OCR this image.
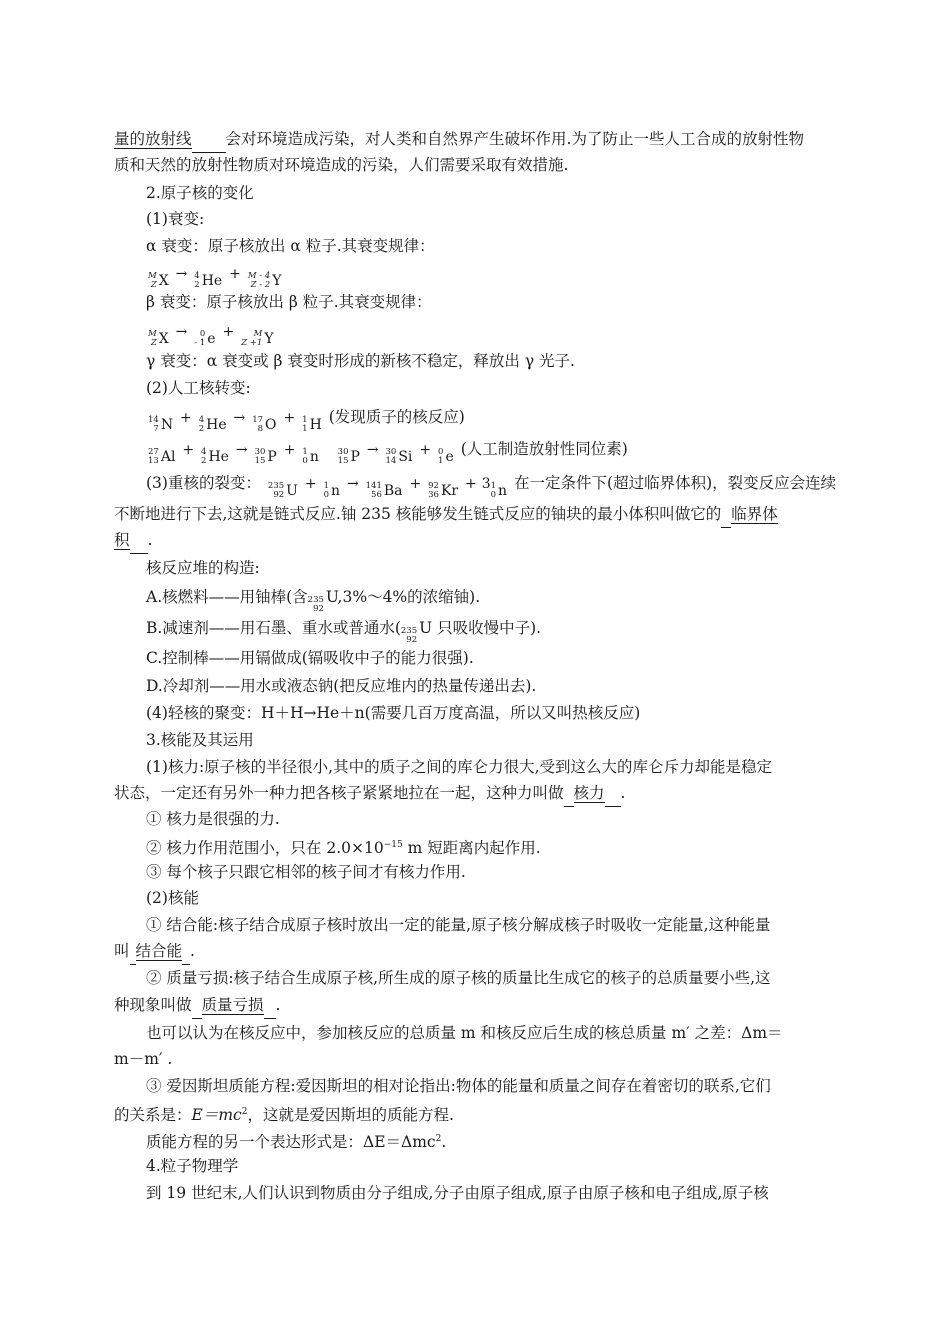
量的放射线 会对环境造成污染，对人类和自然界产生破坏作用.为了防止一些人工合成的放射性物
质和天然的放射性物质对环境造成的污染，人们需要采取有效措施.
2.原子核的变化
(1)衰变:
α 衰变：原子核放出 α 粒子.其衰变规律：
M
Z X → 4
2 He + M - 4
Z - 2 Y
β 衰变：原子核放出 β 粒子.其衰变规律：
M
Z X → 0
- 1 e + M
Z +1 Y
γ 衰变：α 衰变或 β 衰变时形成的新核不稳定，释放出 γ 光子.
(2)人工核转变:
14
7 N + 4
2 He → 17
8 O + 1
1 H (发现质子的核反应)
27
13 Al + 4
2 He → 30
15 P + 1
0 n
30
15 P → 30
14 Si + 0
1 e (人工制造放射性同位素)
(3)重核的裂变： 235
92 U + 1
0 n → 141
56 Ba + 92
36 Kr + 3 1
0 n 在一定条件下(超过临界体积)，裂变反应会连续
不断地进行下去,这就是链式反应.铀 235 核能够发生链式反应的铀块的最小体积叫做它的 临界体
积 .
核反应堆的构造:
A.核燃料——用铀棒(含 235
92
U,3%～4%的浓缩铀).
B.减速剂——用石墨、重水或普通水( 235
92
U 只吸收慢中子).
C.控制棒——用镉做成(镉吸收中子的能力很强).
D.冷却剂——用水或液态钠(把反应堆内的热量传递出去).
(4)轻核的聚变：H＋H→He＋n(需要几百万度高温，所以又叫热核反应)
3.核能及其运用
(1)核力:原子核的半径很小,其中的质子之间的库仑力很大,受到这么大的库仑斥力却能是稳定
状态，一定还有另外一种力把各核子紧紧地拉在一起，这种力叫做 核力 .
① 核力是很强的力.
② 核力作用范围小，只在 $2.0\times 10^{-15}$ m 短距离内起作用.
③ 每个核子只跟它相邻的核子间才有核力作用.
(2)核能
① 结合能:核子结合成原子核时放出一定的能量,原子核分解成核子时吸收一定能量,这种能量
叫 结合能 .
② 质量亏损:核子结合生成原子核,所生成的原子核的质量比生成它的核子的总质量要小些,这
种现象叫做 质量亏损 .
也可以认为在核反应中，参加核反应的总质量 m 和核反应后生成的核总质量 m′ 之差：Δm＝
m－m′ .
③ 爱因斯坦质能方程:爱因斯坦的相对论指出:物体的能量和质量之间存在着密切的联系,它们
的关系是：$E=mc^2$，这就是爱因斯坦的质能方程.
质能方程的另一个表达形式是：ΔE＝Δmc$^2$.
4.粒子物理学
到 19 世纪末,人们认识到物质由分子组成,分子由原子组成,原子由原子核和电子组成,原子核
